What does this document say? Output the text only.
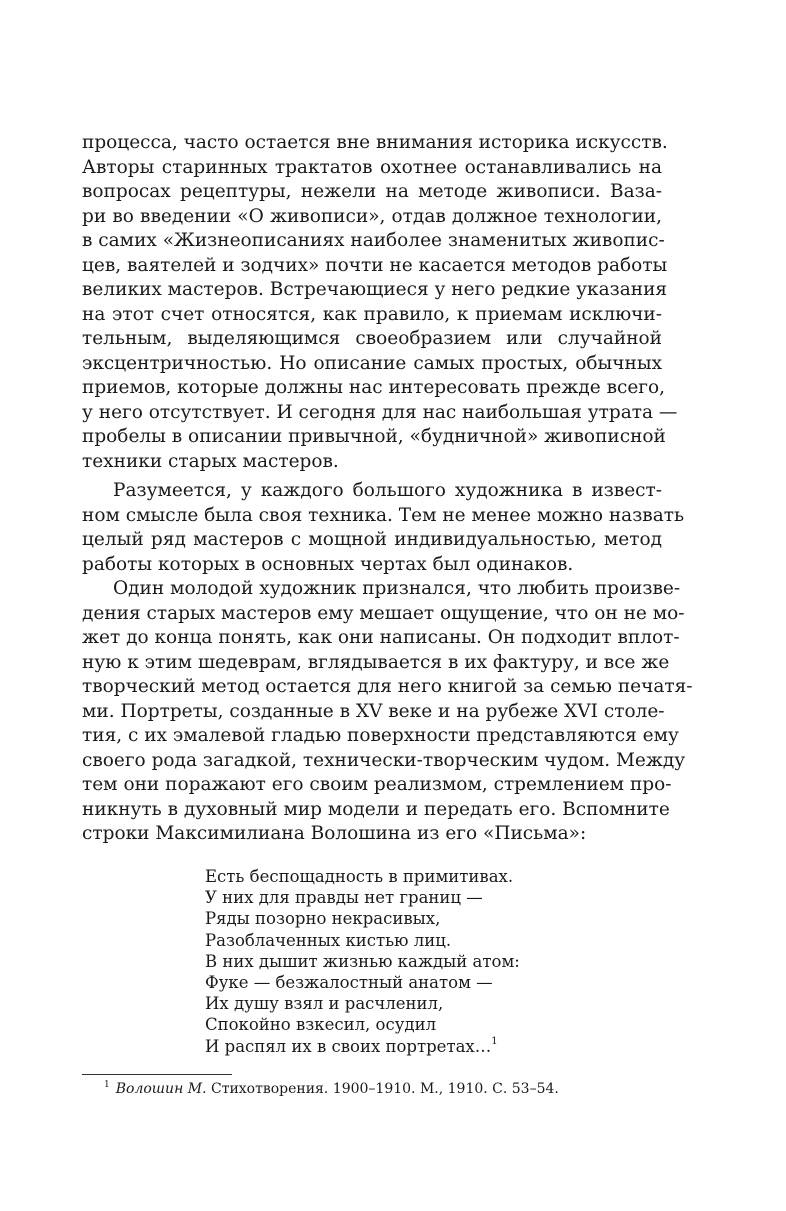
процесса, часто остается вне внимания историка искусств.
Авторы старинных трактатов охотнее останавливались на
вопросах рецептуры, нежели на методе живописи. Вaза-
ри во введении «О живописи», отдав должное технологии,
в самих «Жизнеописаниях наиболее знаменитых живопис-
цев, ваятелей и зодчих» почти не касается методов работы
великих мастеров. Встречающиеся у него редкие указания
на этот счет относятся, как правило, к приемам исключи-
тельным, выделяющимся своеобразием или случайной
эксцентричностью. Но описание самых простых, обычных
приемов, которые должны нас интересовать прежде всего,
у него отсутствует. И сегодня для нас наибольшая утрата —
пробелы в описании привычной, «будничной» живописной
техники старых мастеров.
Разумеется, у каждого большого художника в извест-
ном смысле была своя техника. Тем не менее можно назвать
целый ряд мастеров с мощной индивидуальностью, метод
работы которых в основных чертах был одинаков.
Один молодой художник признался, что любить произве-
дения старых мастеров ему мешает ощущение, что он не мо-
жет до конца понять, как они написаны. Он подходит вплот-
ную к этим шедеврам, вглядывается в их фактуру, и все же
творческий метод остается для него книгой за семью печатя-
ми. Портреты, созданные в XV веке и на рубеже XVI столе-
тия, с их эмалевой гладью поверхности представляются ему
своего рода загадкой, технически-творческим чудом. Между
тем они поражают его своим реализмом, стремлением про-
никнуть в духовный мир модели и передать его. Вспомните
строки Максимилиана Волошина из его «Письма»:
Есть беспощадность в примитивах.
У них для правды нет границ —
Ряды позорно некрасивых,
Разоблаченных кистью лиц.
В них дышит жизнью каждый атом:
Фуке — безжалостный анатом —
Их душу взял и расчленил,
Спокойно взкесил, осудил
И распял их в своих портретах…$^1$
$^1$ Волошин М. Стихотворения. 1900–1910. М., 1910. С. 53–54.
